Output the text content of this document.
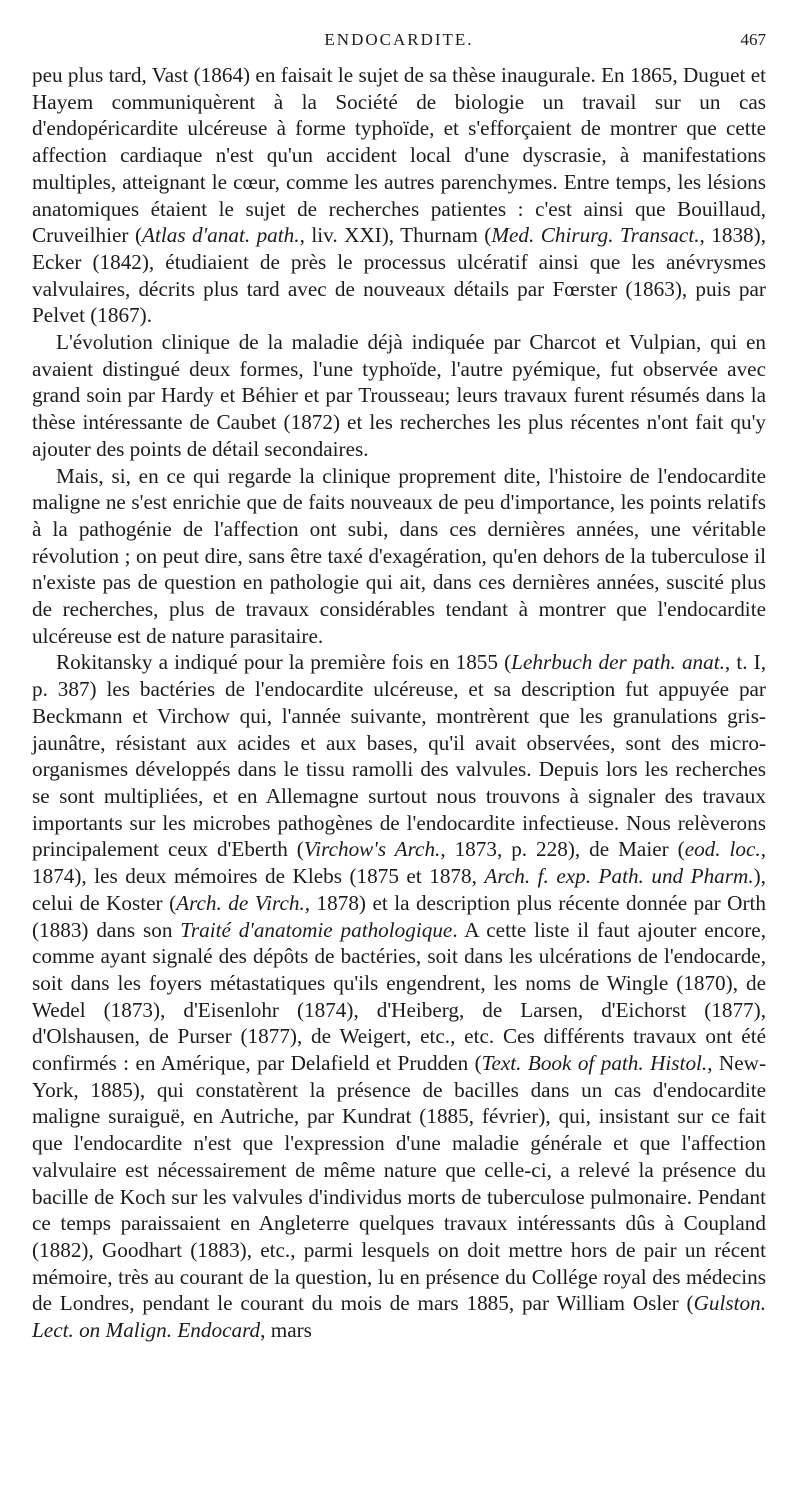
ENDOCARDITE.	467

peu plus tard, Vast (1864) en faisait le sujet de sa thèse inaugurale. En 1865, Duguet et Hayem communiquèrent à la Société de biologie un travail sur un cas d'endopéricardite ulcéreuse à forme typhoïde, et s'efforçaient de montrer que cette affection cardiaque n'est qu'un accident local d'une dyscrasie, à manifestations multiples, atteignant le cœur, comme les autres parenchymes. Entre temps, les lésions anatomiques étaient le sujet de recherches patientes : c'est ainsi que Bouillaud, Cruveilhier (Atlas d'anat. path., liv. XXI), Thurnam (Med. Chirurg. Transact., 1838), Ecker (1842), étudiaient de près le processus ulcératif ainsi que les anévrysmes valvulaires, décrits plus tard avec de nouveaux détails par Fœrster (1863), puis par Pelvet (1867).

L'évolution clinique de la maladie déjà indiquée par Charcot et Vulpian, qui en avaient distingué deux formes, l'une typhoïde, l'autre pyémique, fut observée avec grand soin par Hardy et Béhier et par Trousseau; leurs travaux furent résumés dans la thèse intéressante de Caubet (1872) et les recherches les plus récentes n'ont fait qu'y ajouter des points de détail secondaires.

Mais, si, en ce qui regarde la clinique proprement dite, l'histoire de l'endocardite maligne ne s'est enrichie que de faits nouveaux de peu d'importance, les points relatifs à la pathogénie de l'affection ont subi, dans ces dernières années, une véritable révolution ; on peut dire, sans être taxé d'exagération, qu'en dehors de la tuberculose il n'existe pas de question en pathologie qui ait, dans ces dernières années, suscité plus de recherches, plus de travaux considérables tendant à montrer que l'endocardite ulcéreuse est de nature parasitaire.

Rokitansky a indiqué pour la première fois en 1855 (Lehrbuch der path. anat., t. I, p. 387) les bactéries de l'endocardite ulcéreuse, et sa description fut appuyée par Beckmann et Virchow qui, l'année suivante, montrèrent que les granulations gris-jaunâtre, résistant aux acides et aux bases, qu'il avait observées, sont des micro-organismes développés dans le tissu ramolli des valvules. Depuis lors les recherches se sont multipliées, et en Allemagne surtout nous trouvons à signaler des travaux importants sur les microbes pathogènes de l'endocardite infectieuse. Nous relèverons principalement ceux d'Eberth (Virchow's Arch., 1873, p. 228), de Maier (eod. loc., 1874), les deux mémoires de Klebs (1875 et 1878, Arch. f. exp. Path. und Pharm.), celui de Koster (Arch. de Virch., 1878) et la description plus récente donnée par Orth (1883) dans son Traité d'anatomie pathologique. A cette liste il faut ajouter encore, comme ayant signalé des dépôts de bactéries, soit dans les ulcérations de l'endocarde, soit dans les foyers métastatiques qu'ils engendrent, les noms de Wingle (1870), de Wedel (1873), d'Eisenlohr (1874), d'Heiberg, de Larsen, d'Eichorst (1877), d'Olshausen, de Purser (1877), de Weigert, etc., etc. Ces différents travaux ont été confirmés : en Amérique, par Delafield et Prudden (Text. Book of path. Histol., New-York, 1885), qui constatèrent la présence de bacilles dans un cas d'endocardite maligne suraiguë, en Autriche, par Kundrat (1885, février), qui, insistant sur ce fait que l'endocardite n'est que l'expression d'une maladie générale et que l'affection valvulaire est nécessairement de même nature que celle-ci, a relevé la présence du bacille de Koch sur les valvules d'individus morts de tuberculose pulmonaire. Pendant ce temps paraissaient en Angleterre quelques travaux intéressants dûs à Coupland (1882), Goodhart (1883), etc., parmi lesquels on doit mettre hors de pair un récent mémoire, très au courant de la question, lu en présence du Collége royal des médecins de Londres, pendant le courant du mois de mars 1885, par William Osler (Gulston. Lect. on Malign. Endocard, mars
